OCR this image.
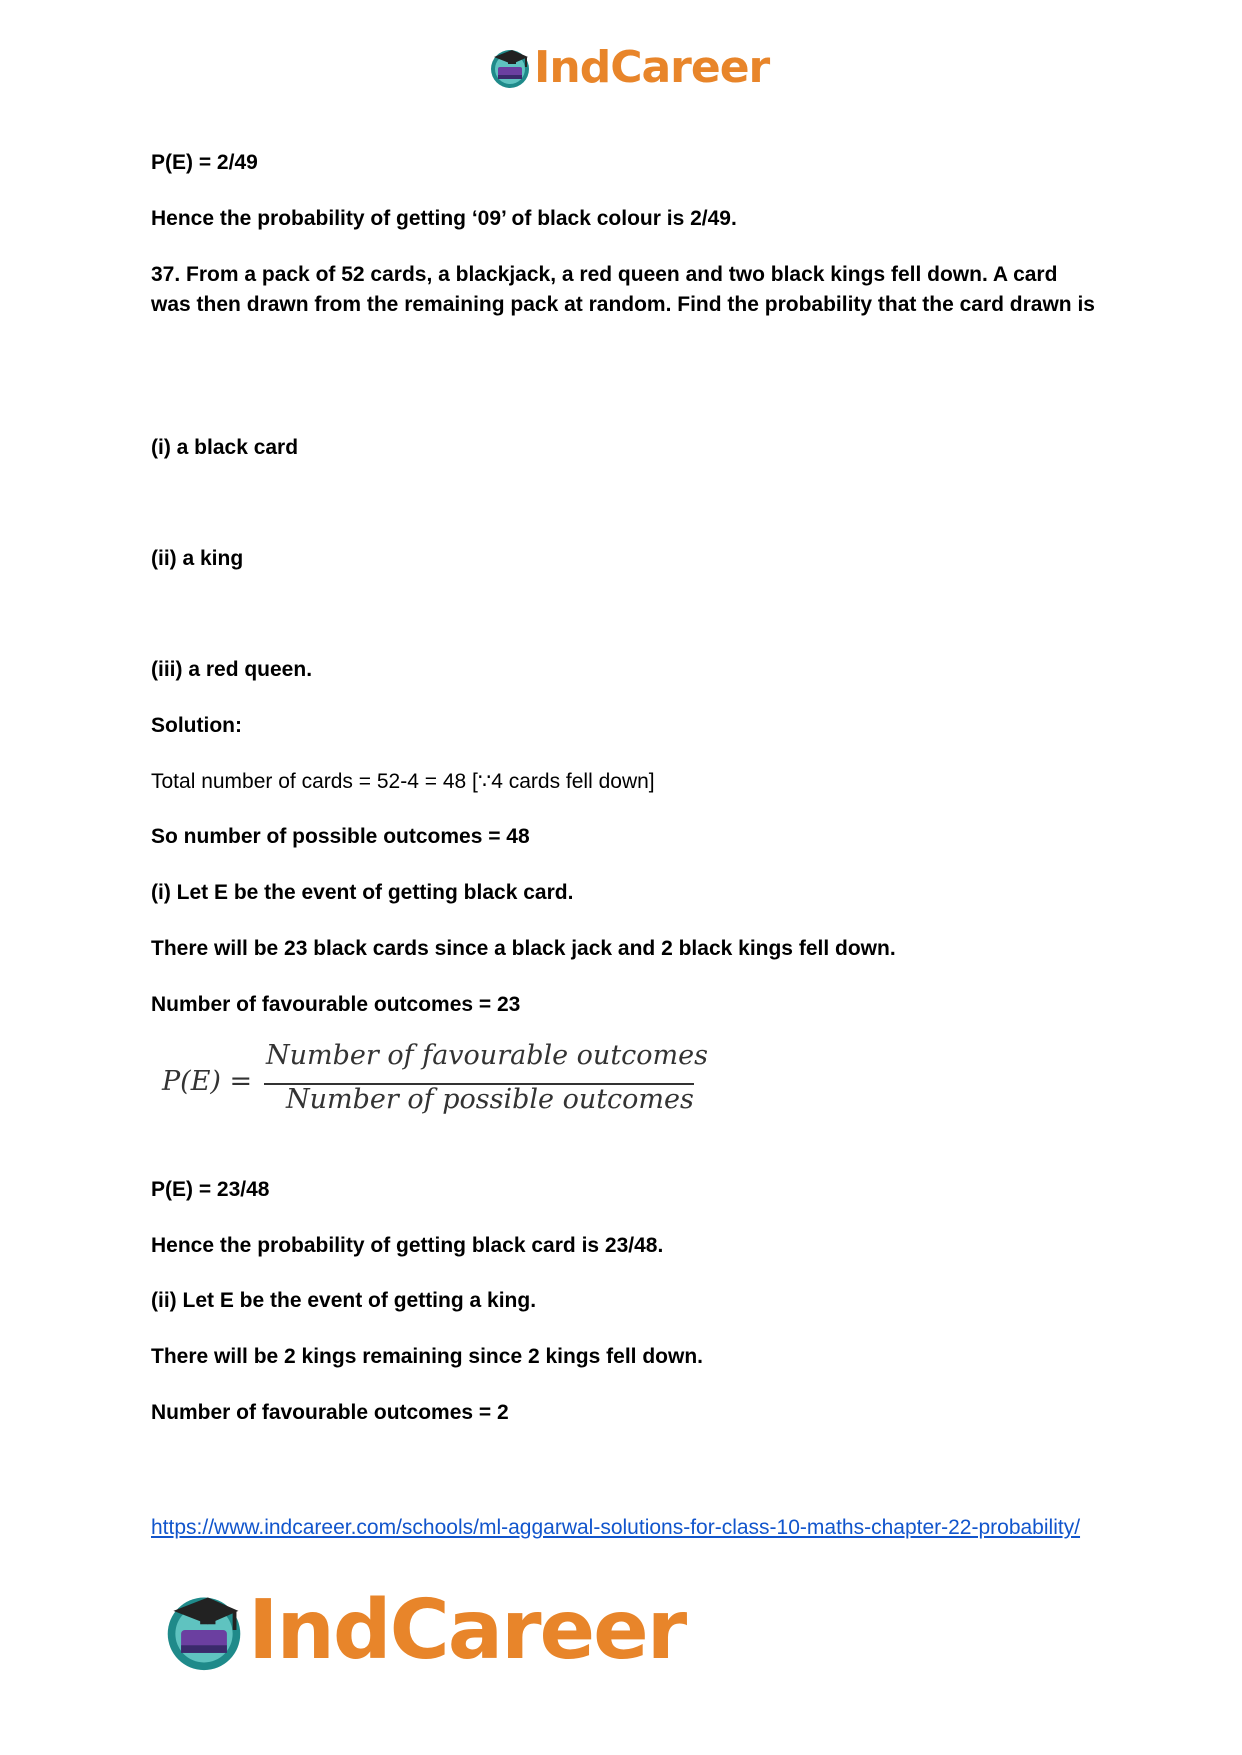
IndCareer
P(E) = 2/49
Hence the probability of getting ‘09’ of black colour is 2/49.
37. From a pack of 52 cards, a blackjack, a red queen and two black kings fell down. A card was then drawn from the remaining pack at random. Find the probability that the card drawn is
(i) a black card
(ii) a king
(iii) a red queen.
Solution:
Total number of cards = 52-4 = 48 [∵4 cards fell down]
So number of possible outcomes = 48
(i) Let E be the event of getting black card.
There will be 23 black cards since a black jack and 2 black kings fell down.
Number of favourable outcomes = 23
P(E) =
Number of favourable outcomes
Number of possible outcomes
P(E) = 23/48
Hence the probability of getting black card is 23/48.
(ii) Let E be the event of getting a king.
There will be 2 kings remaining since 2 kings fell down.
Number of favourable outcomes = 2
https://www.indcareer.com/schools/ml-aggarwal-solutions-for-class-10-maths-chapter-22-probability/
IndCareer
